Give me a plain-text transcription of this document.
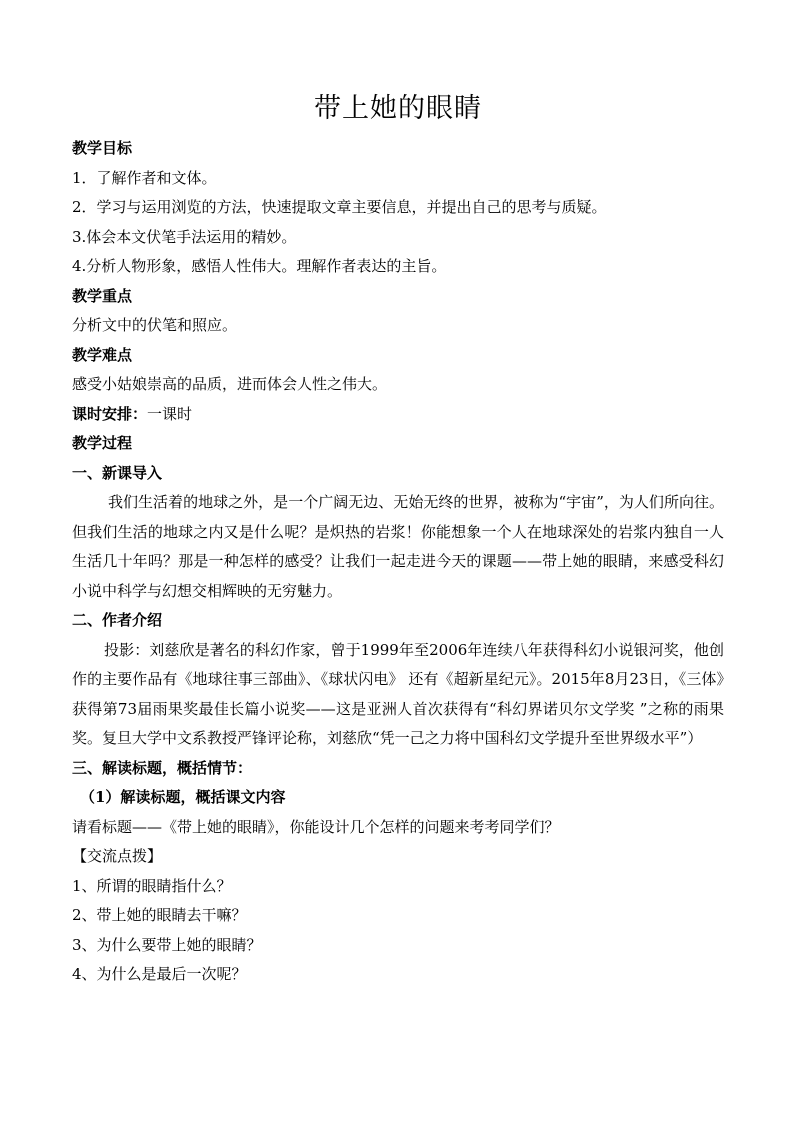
带上她的眼睛

教学目标

1．了解作者和文体。

2．学习与运用浏览的方法，快速提取文章主要信息，并提出自己的思考与质疑。

3.体会本文伏笔手法运用的精妙。

4.分析人物形象，感悟人性伟大。理解作者表达的主旨。

教学重点

分析文中的伏笔和照应。

教学难点

感受小姑娘崇高的品质，进而体会人性之伟大。

课时安排：一课时

教学过程

一、新课导入

我们生活着的地球之外，是一个广阔无边、无始无终的世界，被称为“宇宙”，为人们所向往。但我们生活的地球之内又是什么呢？是炽热的岩浆！你能想象一个人在地球深处的岩浆内独自一人生活几十年吗？那是一种怎样的感受？让我们一起走进今天的课题——带上她的眼睛，来感受科幻小说中科学与幻想交相辉映的无穷魅力。

二、作者介绍

投影：刘慈欣是著名的科幻作家，曾于1999年至2006年连续八年获得科幻小说银河奖，他创作的主要作品有《地球往事三部曲》、《球状闪电》 还有《超新星纪元》。2015年8月23日，《三体》获得第73届雨果奖最佳长篇小说奖——这是亚洲人首次获得有“科幻界诺贝尔文学奖 ”之称的雨果奖。复旦大学中文系教授严锋评论称，刘慈欣“凭一己之力将中国科幻文学提升至世界级水平”）

三、解读标题，概括情节：

（1）解读标题，概括课文内容

请看标题——《带上她的眼睛》，你能设计几个怎样的问题来考考同学们？

【交流点拨】

1、所谓的眼睛指什么？

2、带上她的眼睛去干嘛？

3、为什么要带上她的眼睛？

4、为什么是最后一次呢？
